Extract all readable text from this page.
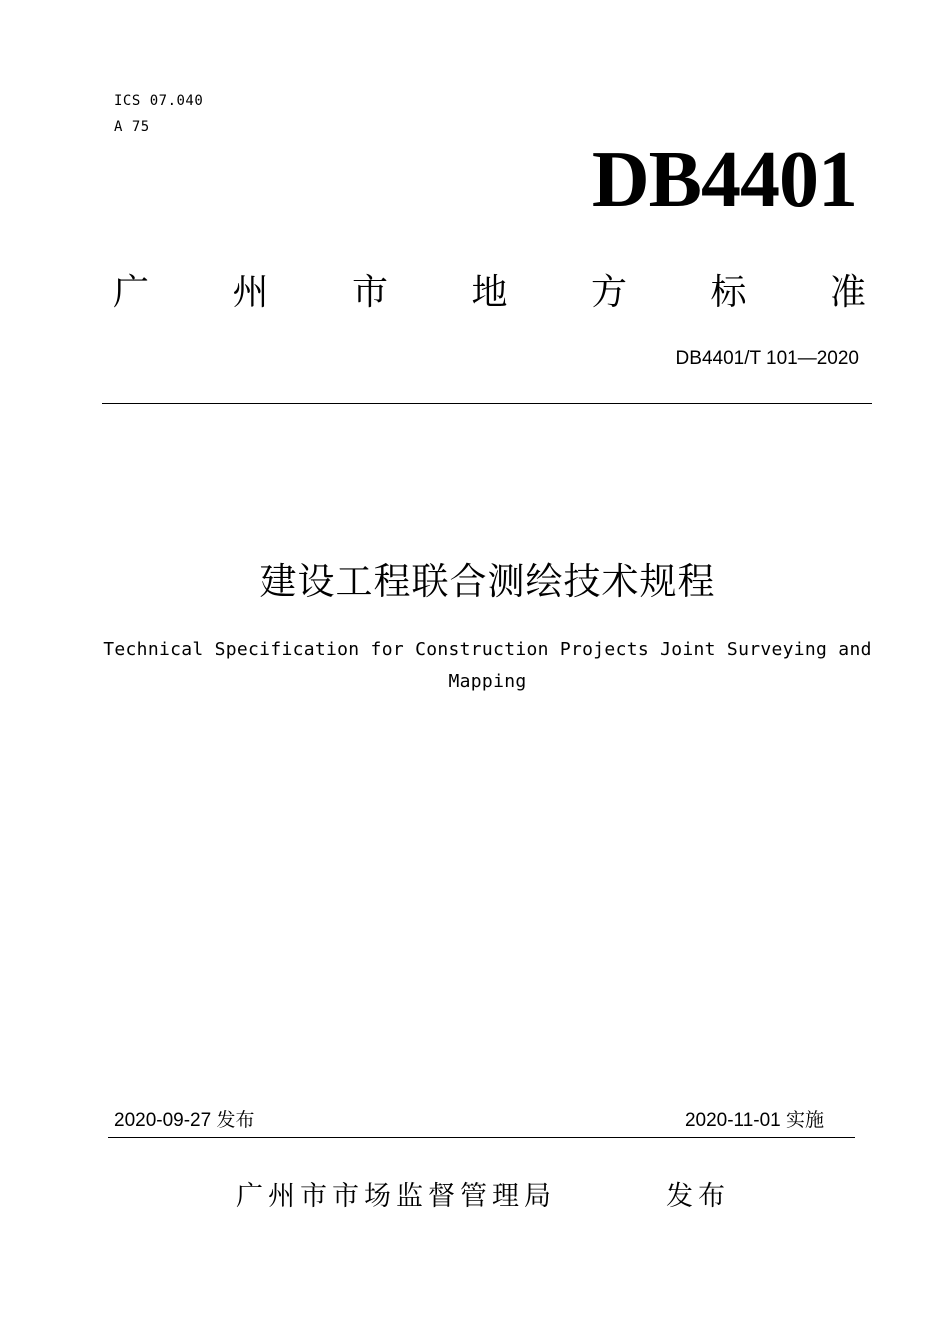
ICS 07.040
A 75
DB4401
广 州 市 地 方 标 准
DB4401/T 101—2020
建设工程联合测绘技术规程
Technical Specification for Construction Projects Joint Surveying and
Mapping
2020-09-27 发布	2020-11-01 实施
广州市市场监督管理局	发布
